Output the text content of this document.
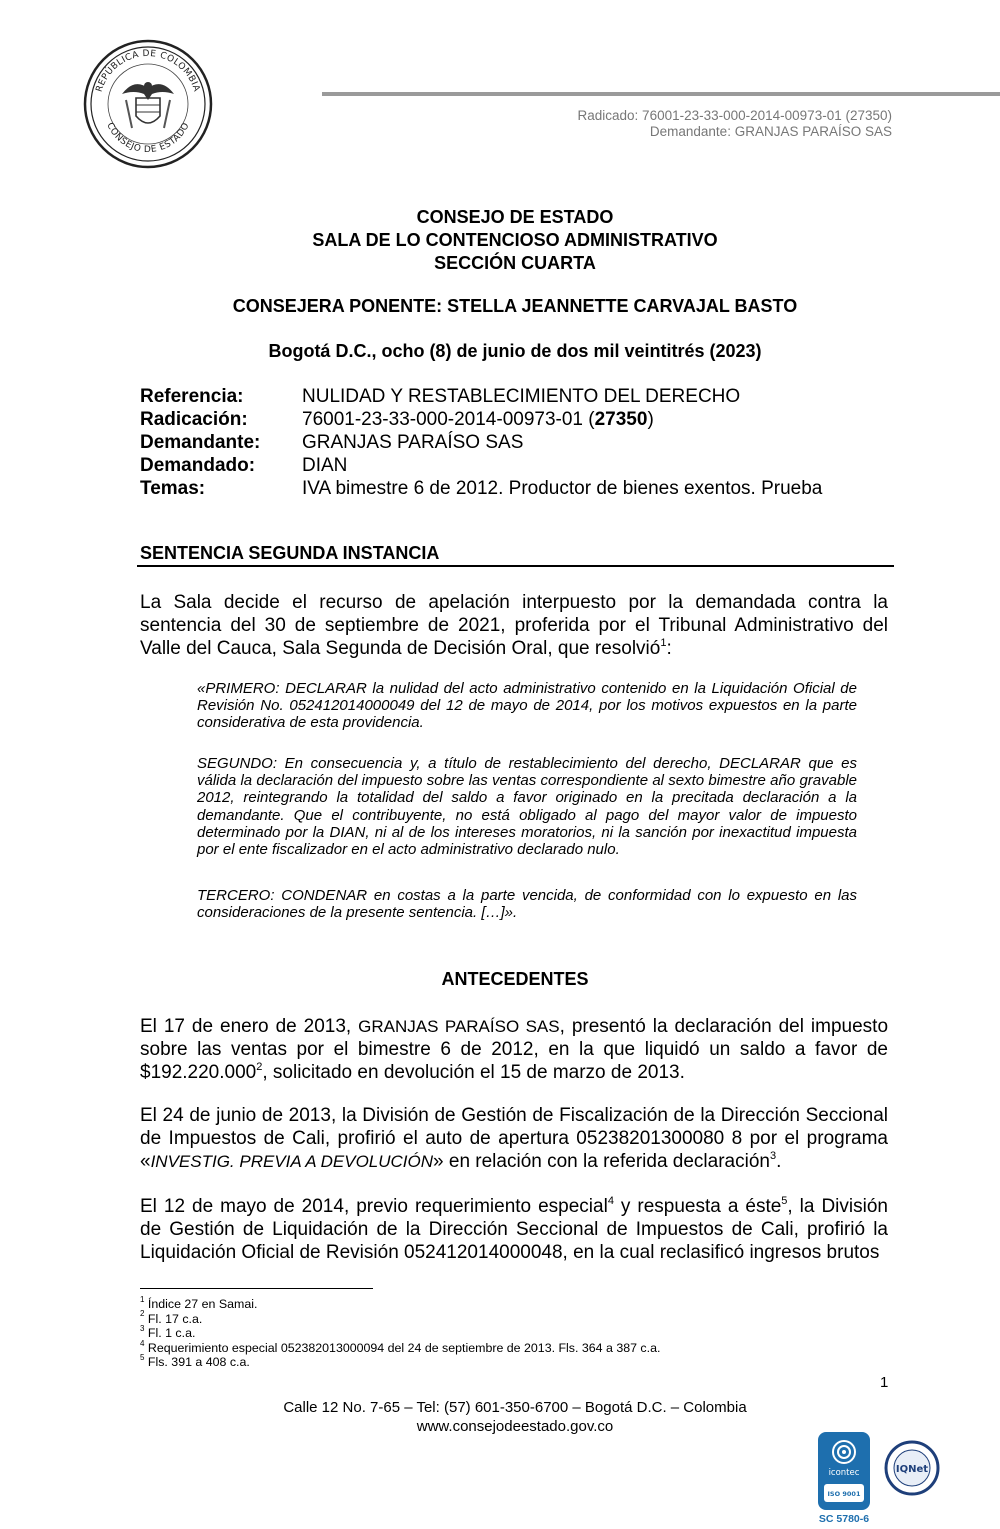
REPÚBLICA DE COLOMBIA
CONSEJO DE ESTADO
Radicado: 76001-23-33-000-2014-00973-01 (27350)
Demandante: GRANJAS PARAÍSO SAS
CONSEJO DE ESTADO
SALA DE LO CONTENCIOSO ADMINISTRATIVO
SECCIÓN CUARTA
CONSEJERA PONENTE: STELLA JEANNETTE CARVAJAL BASTO
Bogotá D.C., ocho (8) de junio de dos mil veintitrés (2023)
Referencia:	NULIDAD Y RESTABLECIMIENTO DEL DERECHO
Radicación:	76001-23-33-000-2014-00973-01 (27350)
Demandante:	GRANJAS PARAÍSO SAS
Demandado:	DIAN
Temas:	IVA bimestre 6 de 2012. Productor de bienes exentos. Prueba
SENTENCIA SEGUNDA INSTANCIA
La Sala decide el recurso de apelación interpuesto por la demandada contra la sentencia del 30 de septiembre de 2021, proferida por el Tribunal Administrativo del Valle del Cauca, Sala Segunda de Decisión Oral, que resolvió$^1$:
«PRIMERO: DECLARAR la nulidad del acto administrativo contenido en la Liquidación Oficial de Revisión No. 052412014000049 del 12 de mayo de 2014, por los motivos expuestos en la parte considerativa de esta providencia.
SEGUNDO: En consecuencia y, a título de restablecimiento del derecho, DECLARAR que es válida la declaración del impuesto sobre las ventas correspondiente al sexto bimestre año gravable 2012, reintegrando la totalidad del saldo a favor originado en la precitada declaración a la demandante. Que el contribuyente, no está obligado al pago del mayor valor de impuesto determinado por la DIAN, ni al de los intereses moratorios, ni la sanción por inexactitud impuesta por el ente fiscalizador en el acto administrativo declarado nulo.
TERCERO: CONDENAR en costas a la parte vencida, de conformidad con lo expuesto en las consideraciones de la presente sentencia. […]».
ANTECEDENTES
El 17 de enero de 2013, GRANJAS PARAÍSO SAS, presentó la declaración del impuesto sobre las ventas por el bimestre 6 de 2012, en la que liquidó un saldo a favor de $192.220.000$^2$, solicitado en devolución el 15 de marzo de 2013.
El 24 de junio de 2013, la División de Gestión de Fiscalización de la Dirección Seccional de Impuestos de Cali, profirió el auto de apertura 05238201300080 8 por el programa «INVESTIG. PREVIA A DEVOLUCIÓN» en relación con la referida declaración$^3$.
El 12 de mayo de 2014, previo requerimiento especial$^4$ y respuesta a éste$^5$, la División de Gestión de Liquidación de la Dirección Seccional de Impuestos de Cali, profirió la Liquidación Oficial de Revisión 052412014000048, en la cual reclasificó ingresos brutos
$^1$ Índice 27 en Samai.
$^2$ Fl. 17 c.a.
$^3$ Fl. 1 c.a.
$^4$ Requerimiento especial 052382013000094 del 24 de septiembre de 2013. Fls. 364 a 387 c.a.
$^5$ Fls. 391 a 408 c.a.
1
Calle 12 No. 7-65 – Tel: (57) 601-350-6700 – Bogotá D.C. – Colombia
www.consejodeestado.gov.co
icontec
ISO 9001
SC 5780-6
IQNet
